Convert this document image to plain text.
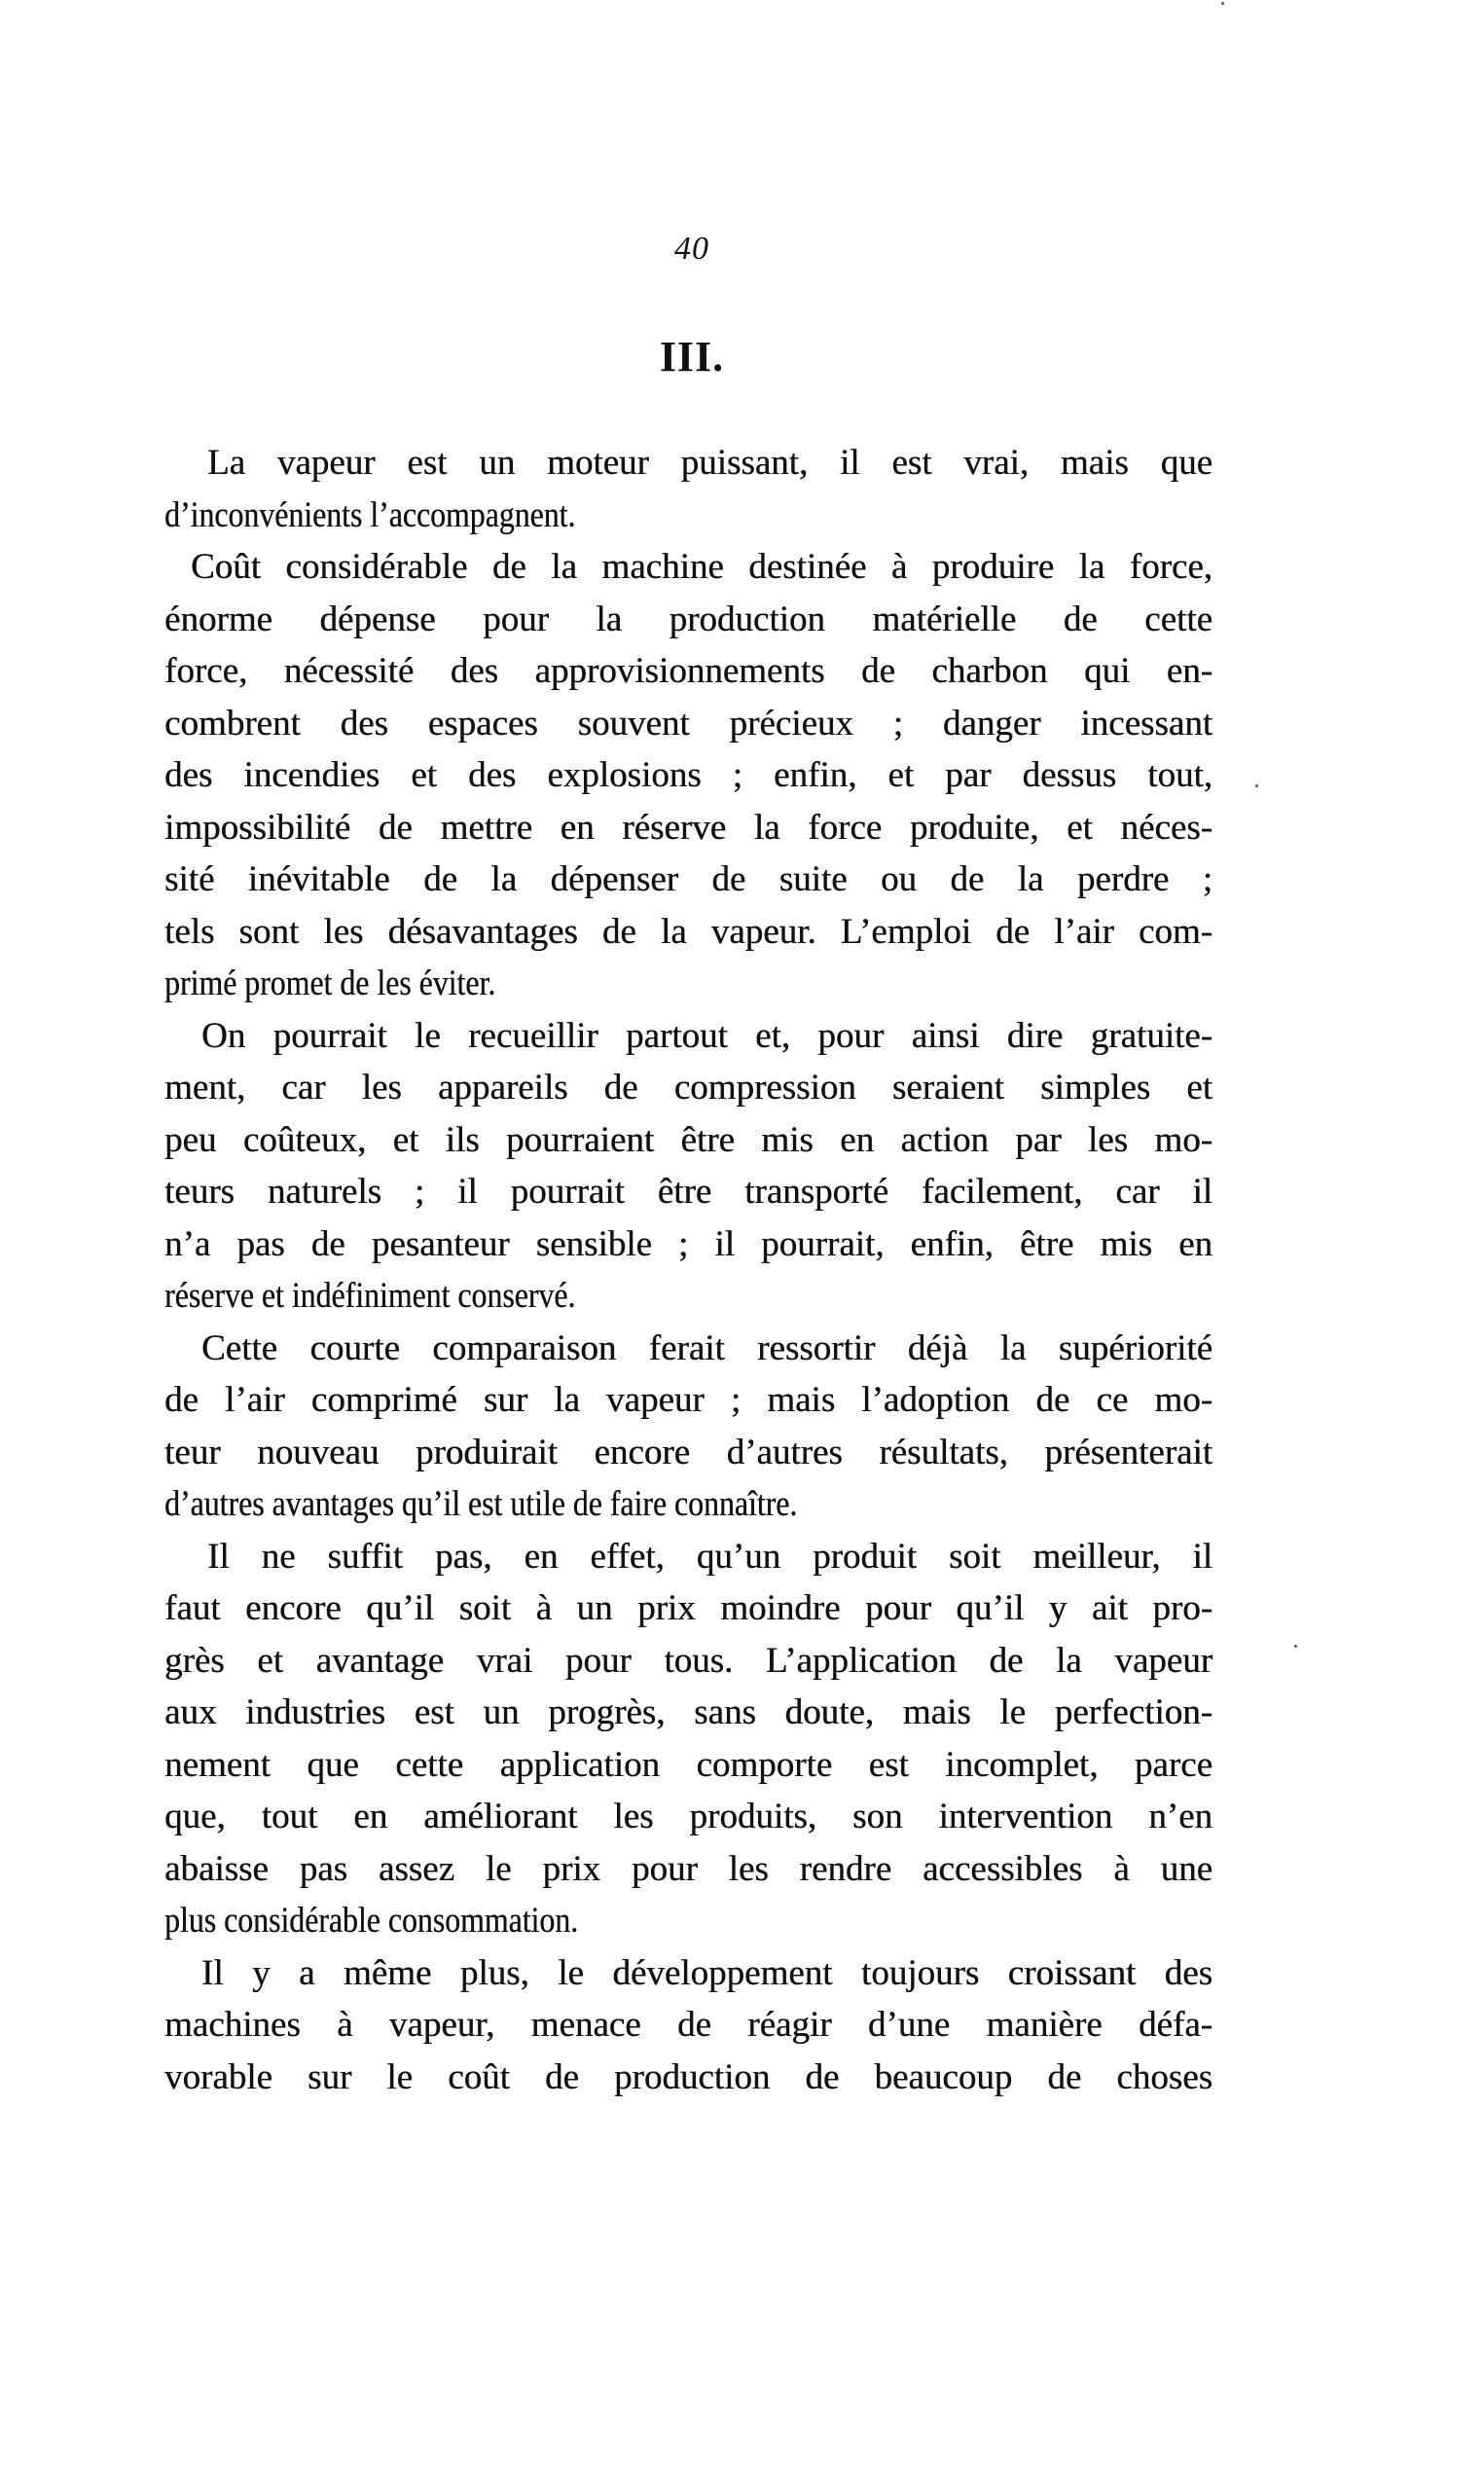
40
III.
La vapeur est un moteur puissant, il est vrai, mais que
d’inconvénients l’accompagnent.
Coût considérable de la machine destinée à produire la force,
énorme dépense pour la production matérielle de cette
force, nécessité des approvisionnements de charbon qui en-
combrent des espaces souvent précieux ; danger incessant
des incendies et des explosions ; enfin, et par dessus tout,
impossibilité de mettre en réserve la force produite, et néces-
sité inévitable de la dépenser de suite ou de la perdre ;
tels sont les désavantages de la vapeur. L’emploi de l’air com-
primé promet de les éviter.
On pourrait le recueillir partout et, pour ainsi dire gratuite-
ment, car les appareils de compression seraient simples et
peu coûteux, et ils pourraient être mis en action par les mo-
teurs naturels ; il pourrait être transporté facilement, car il
n’a pas de pesanteur sensible ; il pourrait, enfin, être mis en
réserve et indéfiniment conservé.
Cette courte comparaison ferait ressortir déjà la supériorité
de l’air comprimé sur la vapeur ; mais l’adoption de ce mo-
teur nouveau produirait encore d’autres résultats, présenterait
d’autres avantages qu’il est utile de faire connaître.
Il ne suffit pas, en effet, qu’un produit soit meilleur, il
faut encore qu’il soit à un prix moindre pour qu’il y ait pro-
grès et avantage vrai pour tous. L’application de la vapeur
aux industries est un progrès, sans doute, mais le perfection-
nement que cette application comporte est incomplet, parce
que, tout en améliorant les produits, son intervention n’en
abaisse pas assez le prix pour les rendre accessibles à une
plus considérable consommation.
Il y a même plus, le développement toujours croissant des
machines à vapeur, menace de réagir d’une manière défa-
vorable sur le coût de production de beaucoup de choses
